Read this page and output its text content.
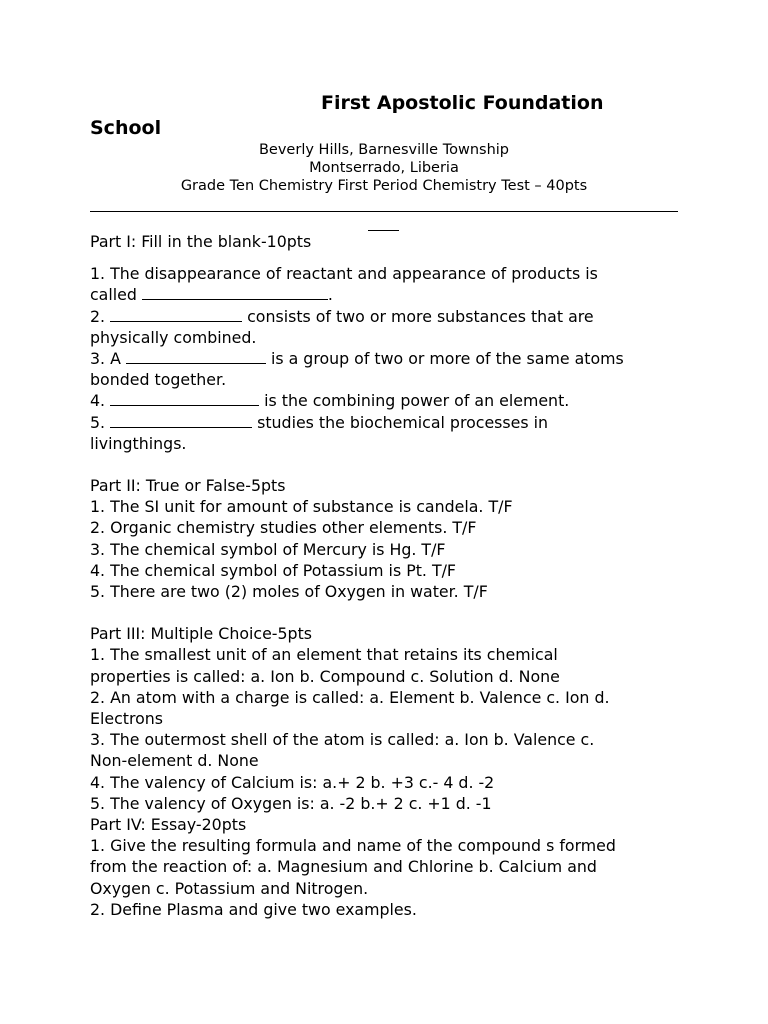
First Apostolic Foundation
School
Beverly Hills, Barnesville Township
Montserrado, Liberia
Grade Ten Chemistry First Period Chemistry Test – 40pts

Part I: Fill in the blank-10pts

1. The disappearance of reactant and appearance of products is

called	.

2.	consists of two or more substances that are

physically combined.

3. A	is a group of two or more of the same atoms

bonded together.

4.	is the combining power of an element.

5.	studies the biochemical processes in

livingthings.

Part II: True or False-5pts

1. The SI unit for amount of substance is candela. T/F

2. Organic chemistry studies other elements. T/F

3. The chemical symbol of Mercury is Hg. T/F

4. The chemical symbol of Potassium is Pt. T/F

5. There are two (2) moles of Oxygen in water. T/F

Part III: Multiple Choice-5pts

1. The smallest unit of an element that retains its chemical

properties is called: a. Ion b. Compound c. Solution d. None

2. An atom with a charge is called: a. Element b. Valence c. Ion d.

Electrons

3. The outermost shell of the atom is called: a. Ion b. Valence c.

Non-element d. None

4. The valency of Calcium is: a.+ 2 b. +3 c.- 4 d. -2

5. The valency of Oxygen is: a. -2 b.+ 2 c. +1 d. -1

Part IV: Essay-20pts

1. Give the resulting formula and name of the compound s formed

from the reaction of: a. Magnesium and Chlorine b. Calcium and

Oxygen c. Potassium and Nitrogen.

2. Define Plasma and give two examples.
